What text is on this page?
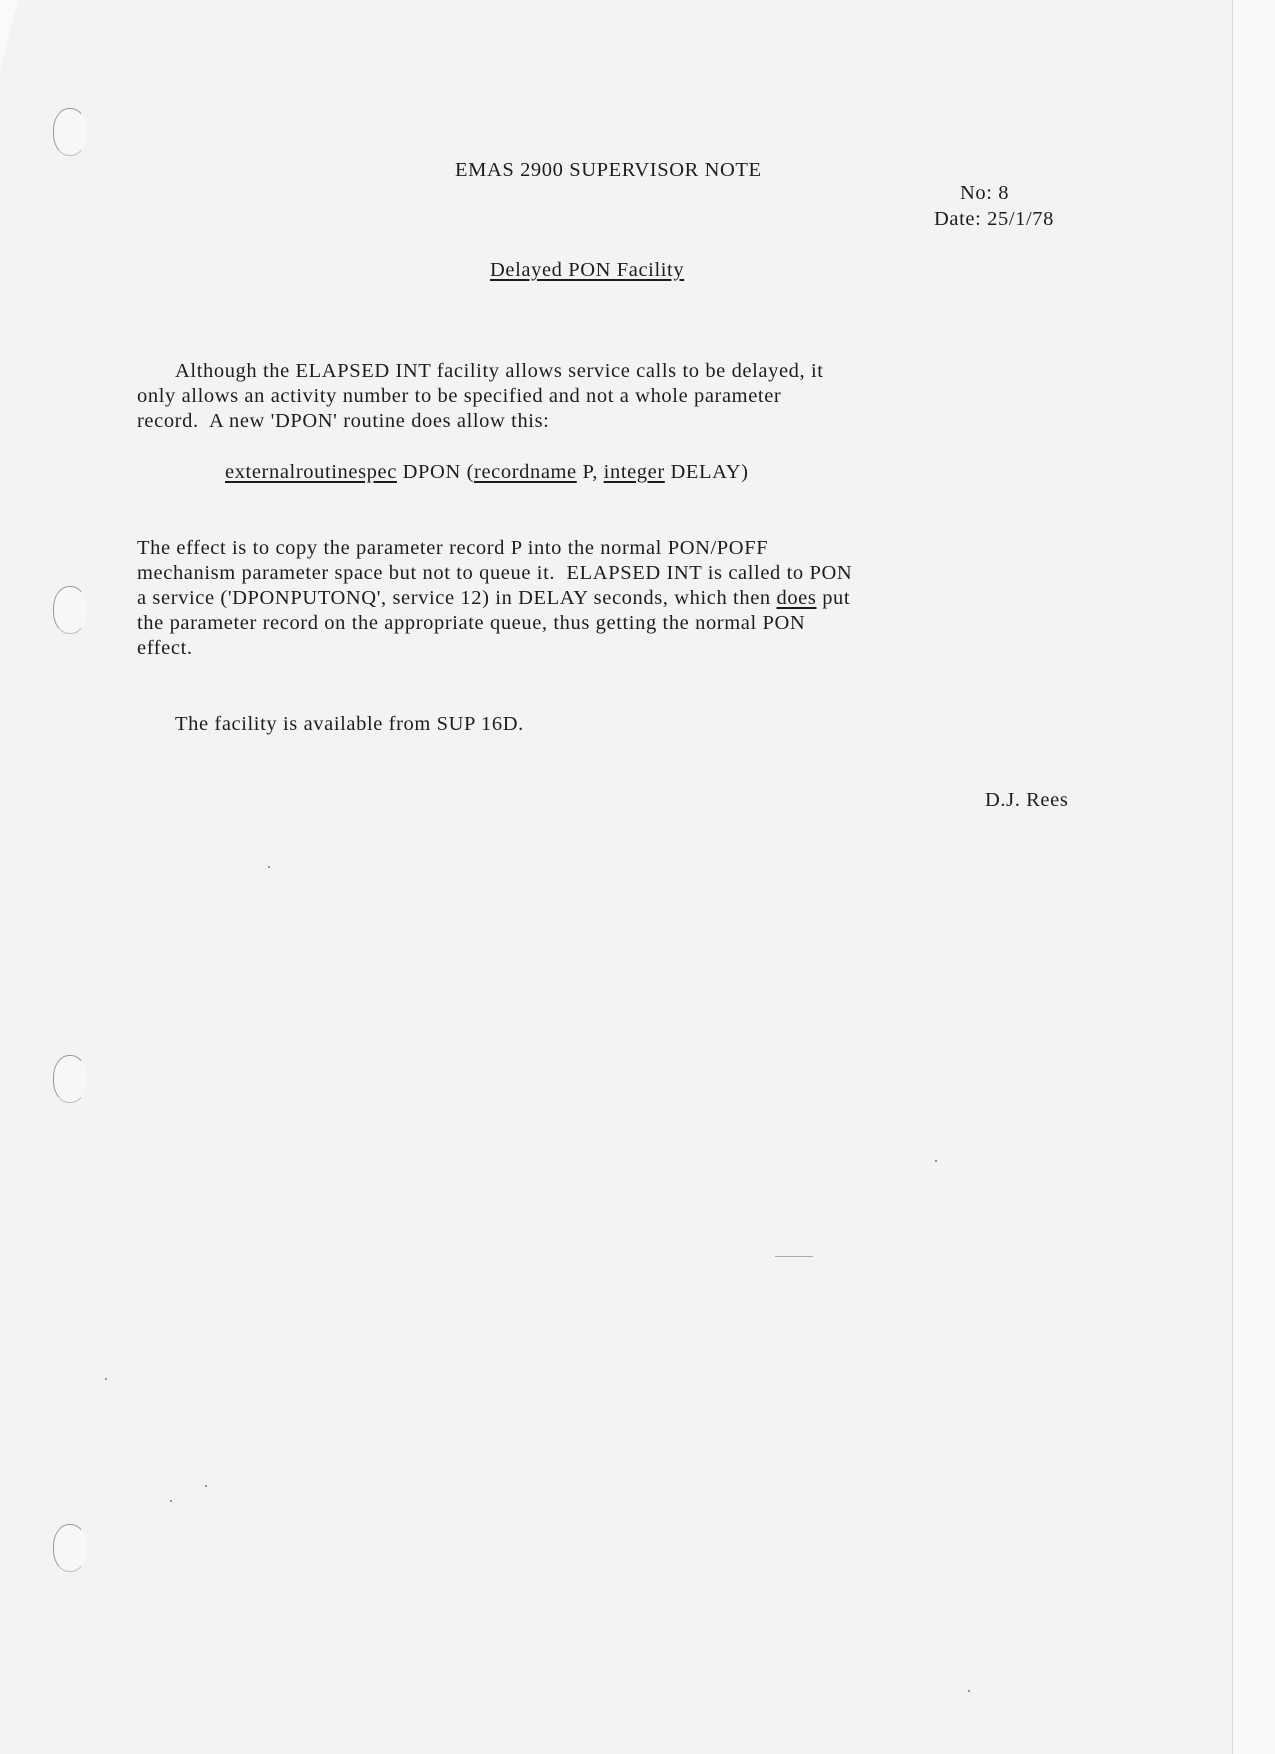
EMAS 2900 SUPERVISOR NOTE
No: 8
Date: 25/1/78
Delayed PON Facility
Although the ELAPSED INT facility allows service calls to be delayed, it
only allows an activity number to be specified and not a whole parameter
record.  A new 'DPON' routine does allow this:
externalroutinespec DPON (recordname P, integer DELAY)
The effect is to copy the parameter record P into the normal PON/POFF
mechanism parameter space but not to queue it.  ELAPSED INT is called to PON
a service ('DPONPUTONQ', service 12) in DELAY seconds, which then does put
the parameter record on the appropriate queue, thus getting the normal PON
effect.
The facility is available from SUP 16D.
D.J. Rees
